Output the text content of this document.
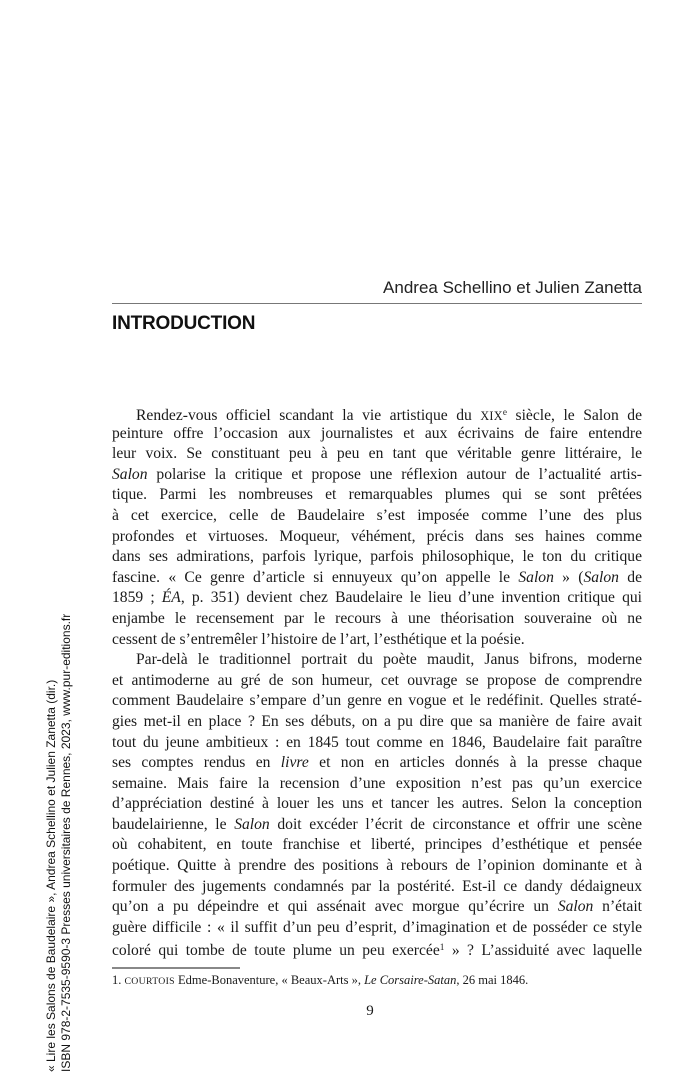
Andrea Schellino et Julien Zanetta
INTRODUCTION
Rendez-vous officiel scandant la vie artistique du XIXe siècle, le Salon de
peinture offre l’occasion aux journalistes et aux écrivains de faire entendre
leur voix. Se constituant peu à peu en tant que véritable genre littéraire, le
Salon polarise la critique et propose une réflexion autour de l’actualité artis-
tique. Parmi les nombreuses et remarquables plumes qui se sont prêtées
à cet exercice, celle de Baudelaire s’est imposée comme l’une des plus
profondes et virtuoses. Moqueur, véhément, précis dans ses haines comme
dans ses admirations, parfois lyrique, parfois philosophique, le ton du critique
fascine. « Ce genre d’article si ennuyeux qu’on appelle le Salon » (Salon de
1859 ; ÉA, p. 351) devient chez Baudelaire le lieu d’une invention critique qui
enjambe le recensement par le recours à une théorisation souveraine où ne
cessent de s’entremêler l’histoire de l’art, l’esthétique et la poésie.
Par-delà le traditionnel portrait du poète maudit, Janus bifrons, moderne
et antimoderne au gré de son humeur, cet ouvrage se propose de comprendre
comment Baudelaire s’empare d’un genre en vogue et le redéfinit. Quelles straté-
gies met-il en place ? En ses débuts, on a pu dire que sa manière de faire avait
tout du jeune ambitieux : en 1845 tout comme en 1846, Baudelaire fait paraître
ses comptes rendus en livre et non en articles donnés à la presse chaque
semaine. Mais faire la recension d’une exposition n’est pas qu’un exercice
d’appréciation destiné à louer les uns et tancer les autres. Selon la conception
baudelairienne, le Salon doit excéder l’écrit de circonstance et offrir une scène
où cohabitent, en toute franchise et liberté, principes d’esthétique et pensée
poétique. Quitte à prendre des positions à rebours de l’opinion dominante et à
formuler des jugements condamnés par la postérité. Est-il ce dandy dédaigneux
qu’on a pu dépeindre et qui assénait avec morgue qu’écrire un Salon n’était
guère difficile : « il suffit d’un peu d’esprit, d’imagination et de posséder ce style
coloré qui tombe de toute plume un peu exercée$^1$ » ? L’assiduité avec laquelle
1. COURTOIS Edme-Bonaventure, « Beaux-Arts », Le Corsaire-Satan, 26 mai 1846.
9
« Lire les Salons de Baudelaire », Andrea Schellino et Julien Zanetta (dir.) ISBN 978-2-7535-9590-3 Presses universitaires de Rennes, 2023, www.pur-editions.fr
